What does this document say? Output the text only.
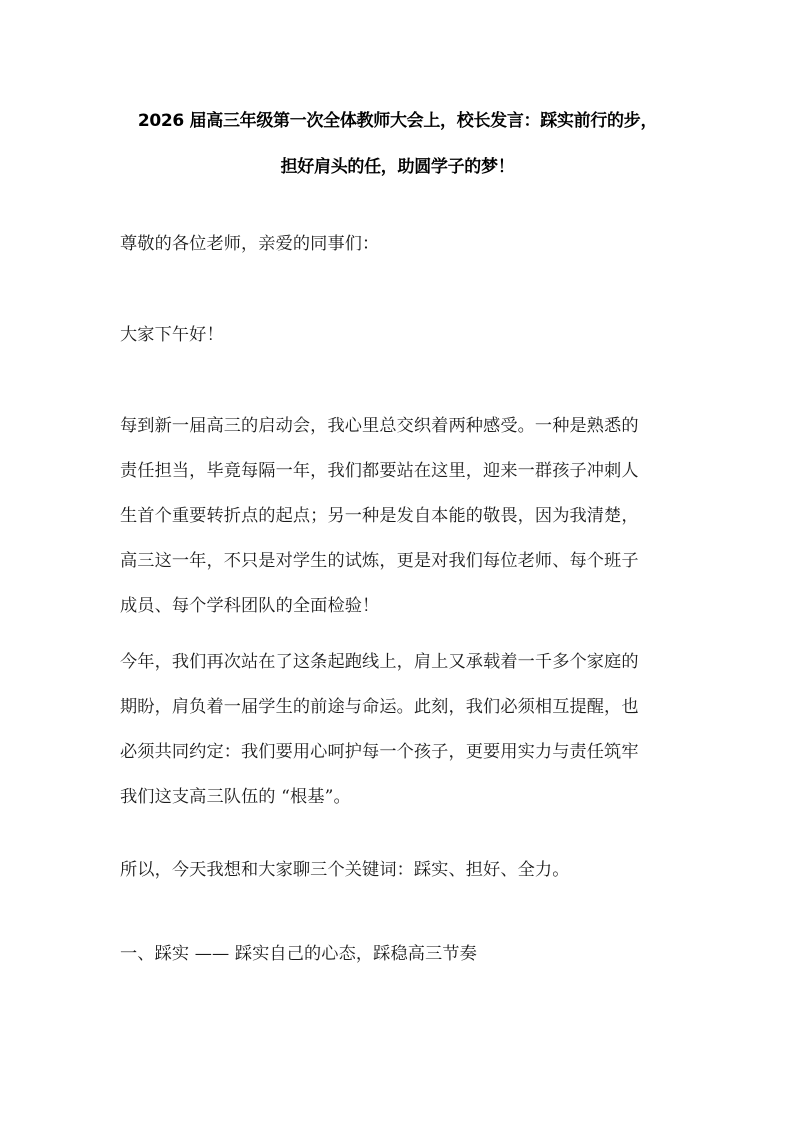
2026 届高三年级第一次全体教师大会上，校长发言：踩实前行的步，
担好肩头的任，助圆学子的梦！
尊敬的各位老师，亲爱的同事们：
大家下午好！
每到新一届高三的启动会，我心里总交织着两种感受。一种是熟悉的
责任担当，毕竟每隔一年，我们都要站在这里，迎来一群孩子冲刺人
生首个重要转折点的起点；另一种是发自本能的敬畏，因为我清楚，
高三这一年，不只是对学生的试炼，更是对我们每位老师、每个班子
成员、每个学科团队的全面检验！
今年，我们再次站在了这条起跑线上，肩上又承载着一千多个家庭的
期盼，肩负着一届学生的前途与命运。此刻，我们必须相互提醒，也
必须共同约定：我们要用心呵护每一个孩子，更要用实力与责任筑牢
我们这支高三队伍的 “根基”。
所以，今天我想和大家聊三个关键词：踩实、担好、全力。
一、踩实 —— 踩实自己的心态，踩稳高三节奏
